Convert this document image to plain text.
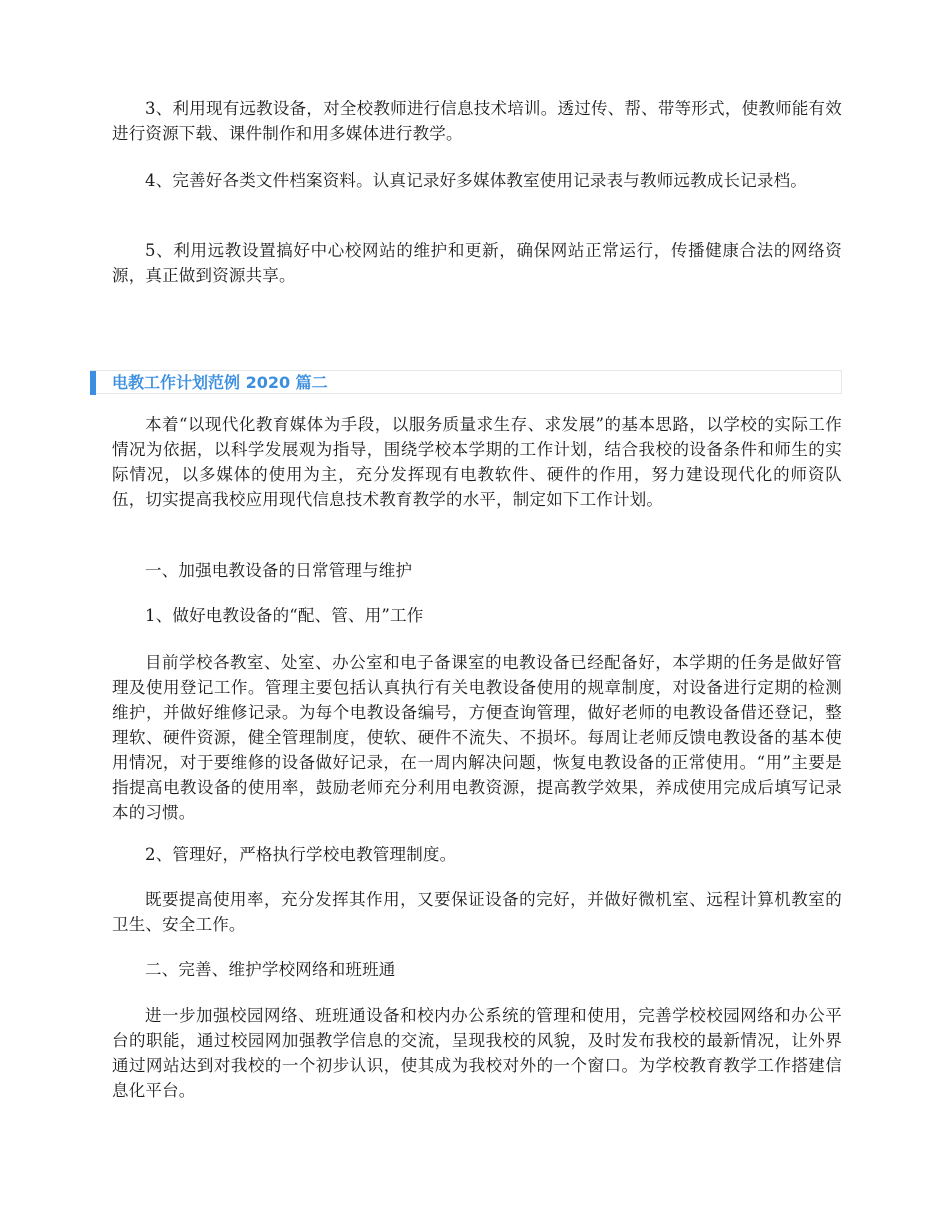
3、利用现有远教设备，对全校教师进行信息技术培训。透过传、帮、带等形式，使教师能有效进行资源下载、课件制作和用多媒体进行教学。

4、完善好各类文件档案资料。认真记录好多媒体教室使用记录表与教师远教成长记录档。

5、利用远教设置搞好中心校网站的维护和更新，确保网站正常运行，传播健康合法的网络资源，真正做到资源共享。

电教工作计划范例 2020 篇二

本着“以现代化教育媒体为手段，以服务质量求生存、求发展”的基本思路，以学校的实际工作情况为依据，以科学发展观为指导，围绕学校本学期的工作计划，结合我校的设备条件和师生的实际情况，以多媒体的使用为主，充分发挥现有电教软件、硬件的作用，努力建设现代化的师资队伍，切实提高我校应用现代信息技术教育教学的水平，制定如下工作计划。

一、加强电教设备的日常管理与维护

1、做好电教设备的“配、管、用”工作

目前学校各教室、处室、办公室和电子备课室的电教设备已经配备好，本学期的任务是做好管理及使用登记工作。管理主要包括认真执行有关电教设备使用的规章制度，对设备进行定期的检测维护，并做好维修记录。为每个电教设备编号，方便查询管理，做好老师的电教设备借还登记，整理软、硬件资源，健全管理制度，使软、硬件不流失、不损坏。每周让老师反馈电教设备的基本使用情况，对于要维修的设备做好记录，在一周内解决问题，恢复电教设备的正常使用。“用”主要是指提高电教设备的使用率，鼓励老师充分利用电教资源，提高教学效果，养成使用完成后填写记录本的习惯。

2、管理好，严格执行学校电教管理制度。

既要提高使用率，充分发挥其作用，又要保证设备的完好，并做好微机室、远程计算机教室的卫生、安全工作。

二、完善、维护学校网络和班班通

进一步加强校园网络、班班通设备和校内办公系统的管理和使用，完善学校校园网络和办公平台的职能，通过校园网加强教学信息的交流，呈现我校的风貌，及时发布我校的最新情况，让外界通过网站达到对我校的一个初步认识，使其成为我校对外的一个窗口。为学校教育教学工作搭建信息化平台。
